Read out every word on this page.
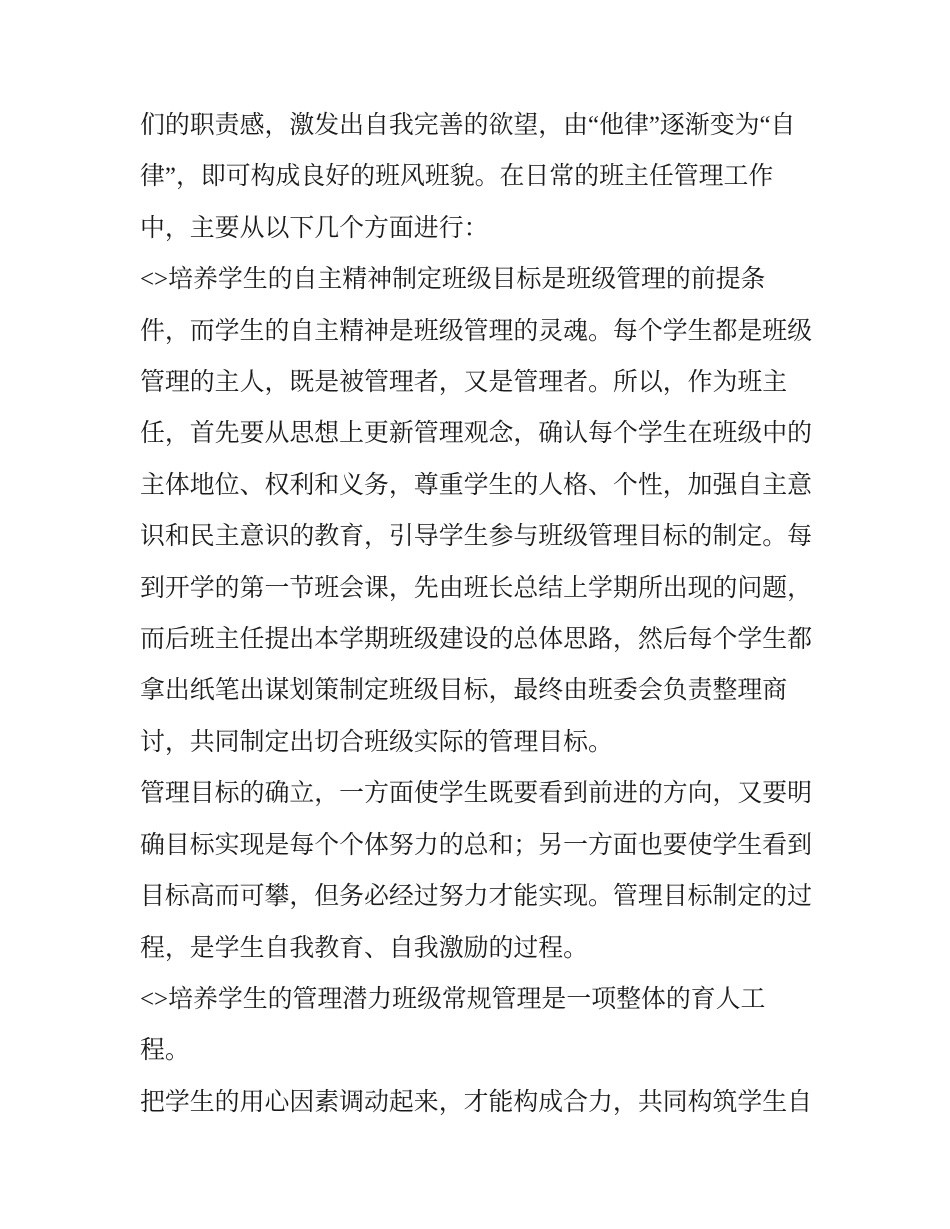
们的职责感，激发出自我完善的欲望，由“他律”逐渐变为“自
律”，即可构成良好的班风班貌。在日常的班主任管理工作
中，主要从以下几个方面进行：
<>培养学生的自主精神制定班级目标是班级管理的前提条
件，而学生的自主精神是班级管理的灵魂。每个学生都是班级
管理的主人，既是被管理者，又是管理者。所以，作为班主
任，首先要从思想上更新管理观念，确认每个学生在班级中的
主体地位、权利和义务，尊重学生的人格、个性，加强自主意
识和民主意识的教育，引导学生参与班级管理目标的制定。每
到开学的第一节班会课，先由班长总结上学期所出现的问题，
而后班主任提出本学期班级建设的总体思路，然后每个学生都
拿出纸笔出谋划策制定班级目标，最终由班委会负责整理商
讨，共同制定出切合班级实际的管理目标。
管理目标的确立，一方面使学生既要看到前进的方向，又要明
确目标实现是每个个体努力的总和；另一方面也要使学生看到
目标高而可攀，但务必经过努力才能实现。管理目标制定的过
程，是学生自我教育、自我激励的过程。
<>培养学生的管理潜力班级常规管理是一项整体的育人工
程。
把学生的用心因素调动起来，才能构成合力，共同构筑学生自
